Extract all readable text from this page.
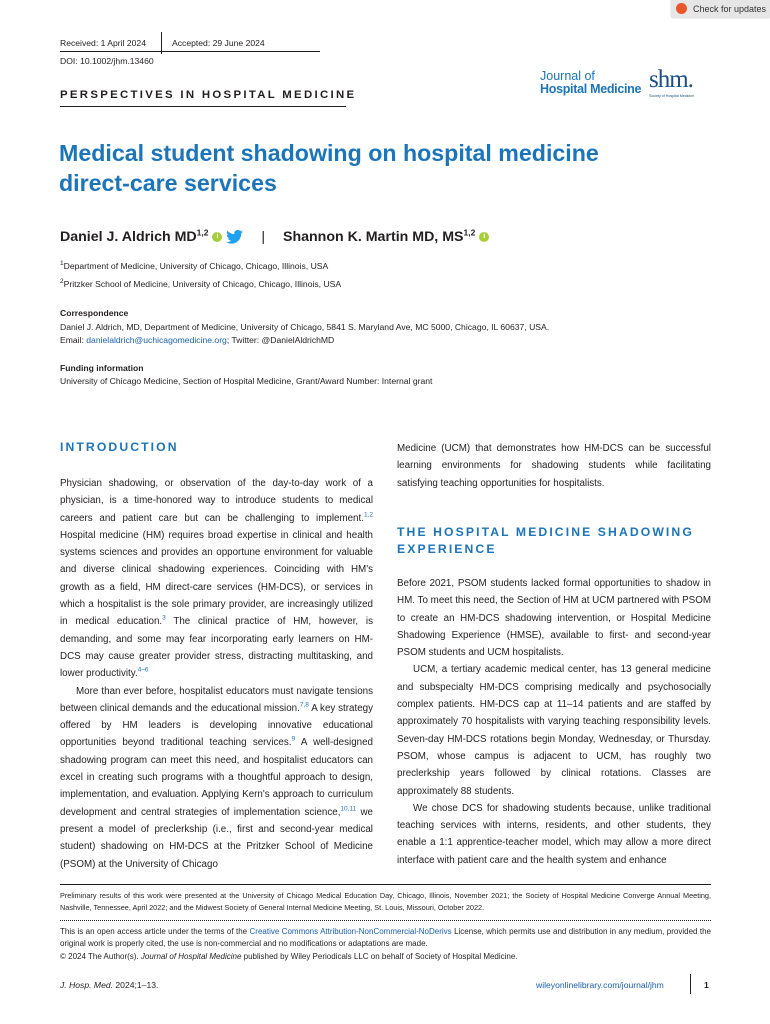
Check for updates
Received: 1 April 2024	Accepted: 29 June 2024
DOI: 10.1002/jhm.13460
PERSPECTIVES IN HOSPITAL MEDICINE
Journal of
Hospital Medicine shm.
Society of Hospital Medicine
Medical student shadowing on hospital medicine
direct-care services
Daniel J. Aldrich MD$^{1,2}$ i	| Shannon K. Martin MD, MS$^{1,2}$ i
$^1$Department of Medicine, University of Chicago, Chicago, Illinois, USA
$^2$Pritzker School of Medicine, University of Chicago, Chicago, Illinois, USA
Correspondence
Daniel J. Aldrich, MD, Department of Medicine, University of Chicago, 5841 S. Maryland Ave, MC 5000, Chicago, IL 60637, USA.
Email: danielaldrich@uchicagomedicine.org; Twitter: @DanielAldrichMD
Funding information
University of Chicago Medicine, Section of Hospital Medicine, Grant/Award Number: Internal grant
INTRODUCTION

Physician shadowing, or observation of the day-to-day work of a physician, is a time-honored way to introduce students to medical careers and patient care but can be challenging to implement.$^{1,2}$ Hospital medicine (HM) requires broad expertise in clinical and health systems sciences and provides an opportune environment for valuable and diverse clinical shadowing experiences. Coinciding with HM's growth as a field, HM direct-care services (HM-DCS), or services in which a hospitalist is the sole primary provider, are increasingly utilized in medical education.$^3$ The clinical practice of HM, however, is demanding, and some may fear incorporating early learners on HM-DCS may cause greater provider stress, distracting multitasking, and lower productivity.$^{4-6}$

More than ever before, hospitalist educators must navigate tensions between clinical demands and the educational mission.$^{7,8}$ A key strategy offered by HM leaders is developing innovative educational opportunities beyond traditional teaching services.$^9$ A well-designed shadowing program can meet this need, and hospitalist educators can excel in creating such programs with a thoughtful approach to design, implementation, and evaluation. Applying Kern's approach to curriculum development and central strategies of implementation science,$^{10,11}$ we present a model of preclerkship (i.e., first and second-year medical student) shadowing on HM-DCS at the Pritzker School of Medicine (PSOM) at the University of Chicago

Medicine (UCM) that demonstrates how HM-DCS can be successful learning environments for shadowing students while facilitating satisfying teaching opportunities for hospitalists.

THE HOSPITAL MEDICINE SHADOWING
EXPERIENCE

Before 2021, PSOM students lacked formal opportunities to shadow in HM. To meet this need, the Section of HM at UCM partnered with PSOM to create an HM-DCS shadowing intervention, or Hospital Medicine Shadowing Experience (HMSE), available to first- and second-year PSOM students and UCM hospitalists.

UCM, a tertiary academic medical center, has 13 general medicine and subspecialty HM-DCS comprising medically and psychosocially complex patients. HM-DCS cap at 11–14 patients and are staffed by approximately 70 hospitalists with varying teaching responsibility levels. Seven-day HM-DCS rotations begin Monday, Wednesday, or Thursday. PSOM, whose campus is adjacent to UCM, has roughly two preclerkship years followed by clinical rotations. Classes are approximately 88 students.

We chose DCS for shadowing students because, unlike traditional teaching services with interns, residents, and other students, they enable a 1:1 apprentice-teacher model, which may allow a more direct interface with patient care and the health system and enhance

Preliminary results of this work were presented at the University of Chicago Medical Education Day, Chicago, Illinois, November 2021; the Society of Hospital Medicine Converge Annual Meeting, Nashville, Tennessee, April 2022; and the Midwest Society of General Internal Medicine Meeting, St. Louis, Missouri, October 2022.
This is an open access article under the terms of the Creative Commons Attribution-NonCommercial-NoDerivs License, which permits use and distribution in any medium, provided the original work is properly cited, the use is non-commercial and no modifications or adaptations are made.
© 2024 The Author(s). Journal of Hospital Medicine published by Wiley Periodicals LLC on behalf of Society of Hospital Medicine.
J. Hosp. Med. 2024;1–13.	wileyonlinelibrary.com/journal/jhm	1
